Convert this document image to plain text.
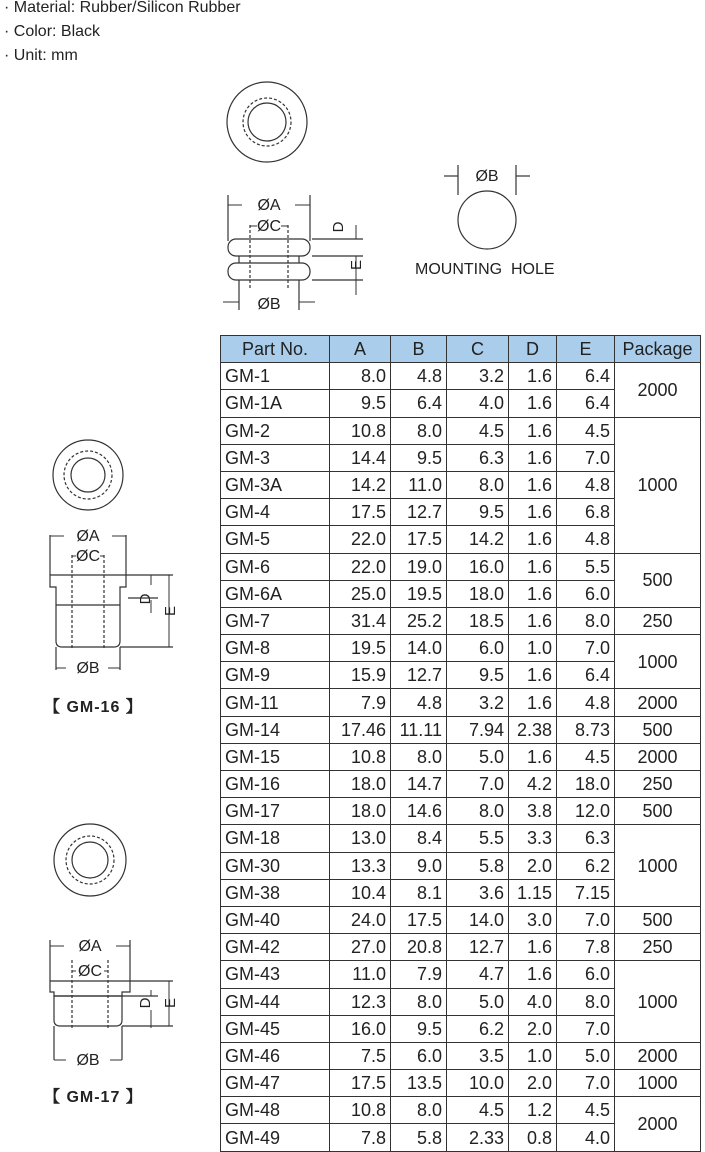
· Material: Rubber/Silicon Rubber
· Color: Black
· Unit: mm
ØA
ØC
ØB
D
E
ØB
MOUNTING  HOLE
ØA
ØC
ØB
D
E
【 GM-16 】
ØA
ØC
ØB
D E
【 GM-17 】
Part No.	A	B	C	D	E	Package
GM-1	8.0	4.8	3.2	1.6	6.4	2000
GM-1A	9.5	6.4	4.0	1.6	6.4	
GM-2	10.8	8.0	4.5	1.6	4.5	1000
GM-3	14.4	9.5	6.3	1.6	7.0	
GM-3A	14.2	11.0	8.0	1.6	4.8	
GM-4	17.5	12.7	9.5	1.6	6.8	
GM-5	22.0	17.5	14.2	1.6	4.8	
GM-6	22.0	19.0	16.0	1.6	5.5	500
GM-6A	25.0	19.5	18.0	1.6	6.0	
GM-7	31.4	25.2	18.5	1.6	8.0	250
GM-8	19.5	14.0	6.0	1.0	7.0	1000
GM-9	15.9	12.7	9.5	1.6	6.4	
GM-11	7.9	4.8	3.2	1.6	4.8	2000
GM-14	17.46	11.11	7.94	2.38	8.73	500
GM-15	10.8	8.0	5.0	1.6	4.5	2000
GM-16	18.0	14.7	7.0	4.2	18.0	250
GM-17	18.0	14.6	8.0	3.8	12.0	500
GM-18	13.0	8.4	5.5	3.3	6.3	1000
GM-30	13.3	9.0	5.8	2.0	6.2	
GM-38	10.4	8.1	3.6	1.15	7.15	
GM-40	24.0	17.5	14.0	3.0	7.0	500
GM-42	27.0	20.8	12.7	1.6	7.8	250
GM-43	11.0	7.9	4.7	1.6	6.0	1000
GM-44	12.3	8.0	5.0	4.0	8.0	
GM-45	16.0	9.5	6.2	2.0	7.0	
GM-46	7.5	6.0	3.5	1.0	5.0	2000
GM-47	17.5	13.5	10.0	2.0	7.0	1000
GM-48	10.8	8.0	4.5	1.2	4.5	2000
GM-49	7.8	5.8	2.33	0.8	4.0	
